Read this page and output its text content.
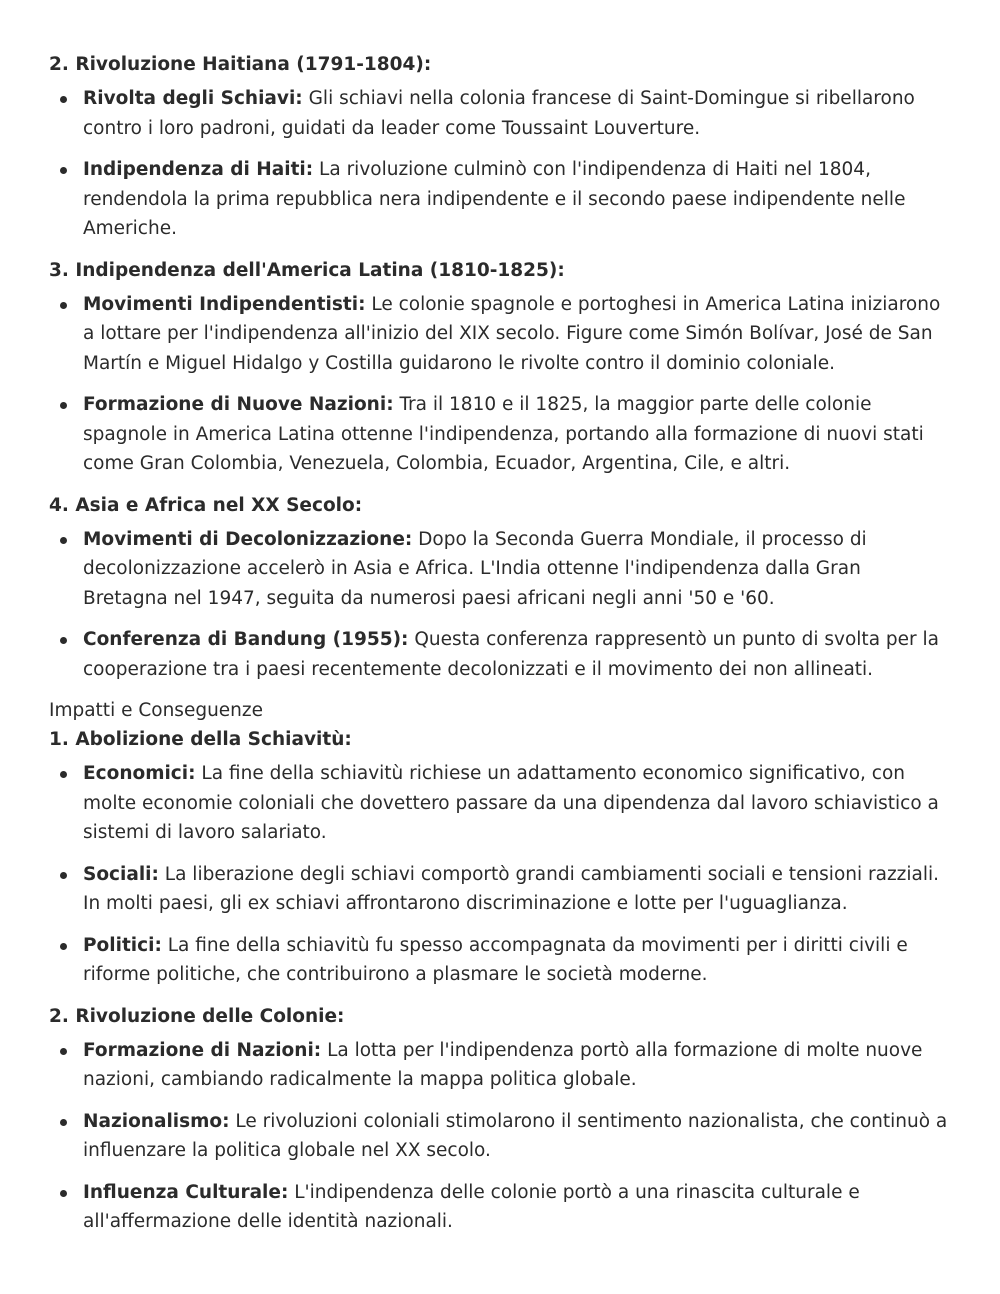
2. Rivoluzione Haitiana (1791-1804):
Rivolta degli Schiavi: Gli schiavi nella colonia francese di Saint-Domingue si ribellarono contro i loro padroni, guidati da leader come Toussaint Louverture.
Indipendenza di Haiti: La rivoluzione culminò con l'indipendenza di Haiti nel 1804, rendendola la prima repubblica nera indipendente e il secondo paese indipendente nelle Americhe.
3. Indipendenza dell'America Latina (1810-1825):
Movimenti Indipendentisti: Le colonie spagnole e portoghesi in America Latina iniziarono a lottare per l'indipendenza all'inizio del XIX secolo. Figure come Simón Bolívar, José de San Martín e Miguel Hidalgo y Costilla guidarono le rivolte contro il dominio coloniale.
Formazione di Nuove Nazioni: Tra il 1810 e il 1825, la maggior parte delle colonie spagnole in America Latina ottenne l'indipendenza, portando alla formazione di nuovi stati come Gran Colombia, Venezuela, Colombia, Ecuador, Argentina, Cile, e altri.
4. Asia e Africa nel XX Secolo:
Movimenti di Decolonizzazione: Dopo la Seconda Guerra Mondiale, il processo di decolonizzazione accelerò in Asia e Africa. L'India ottenne l'indipendenza dalla Gran Bretagna nel 1947, seguita da numerosi paesi africani negli anni '50 e '60.
Conferenza di Bandung (1955): Questa conferenza rappresentò un punto di svolta per la cooperazione tra i paesi recentemente decolonizzati e il movimento dei non allineati.
Impatti e Conseguenze
1. Abolizione della Schiavitù:
Economici: La fine della schiavitù richiese un adattamento economico significativo, con molte economie coloniali che dovettero passare da una dipendenza dal lavoro schiavistico a sistemi di lavoro salariato.
Sociali: La liberazione degli schiavi comportò grandi cambiamenti sociali e tensioni razziali. In molti paesi, gli ex schiavi affrontarono discriminazione e lotte per l'uguaglianza.
Politici: La fine della schiavitù fu spesso accompagnata da movimenti per i diritti civili e riforme politiche, che contribuirono a plasmare le società moderne.
2. Rivoluzione delle Colonie:
Formazione di Nazioni: La lotta per l'indipendenza portò alla formazione di molte nuove nazioni, cambiando radicalmente la mappa politica globale.
Nazionalismo: Le rivoluzioni coloniali stimolarono il sentimento nazionalista, che continuò a influenzare la politica globale nel XX secolo.
Influenza Culturale: L'indipendenza delle colonie portò a una rinascita culturale e all'affermazione delle identità nazionali.
